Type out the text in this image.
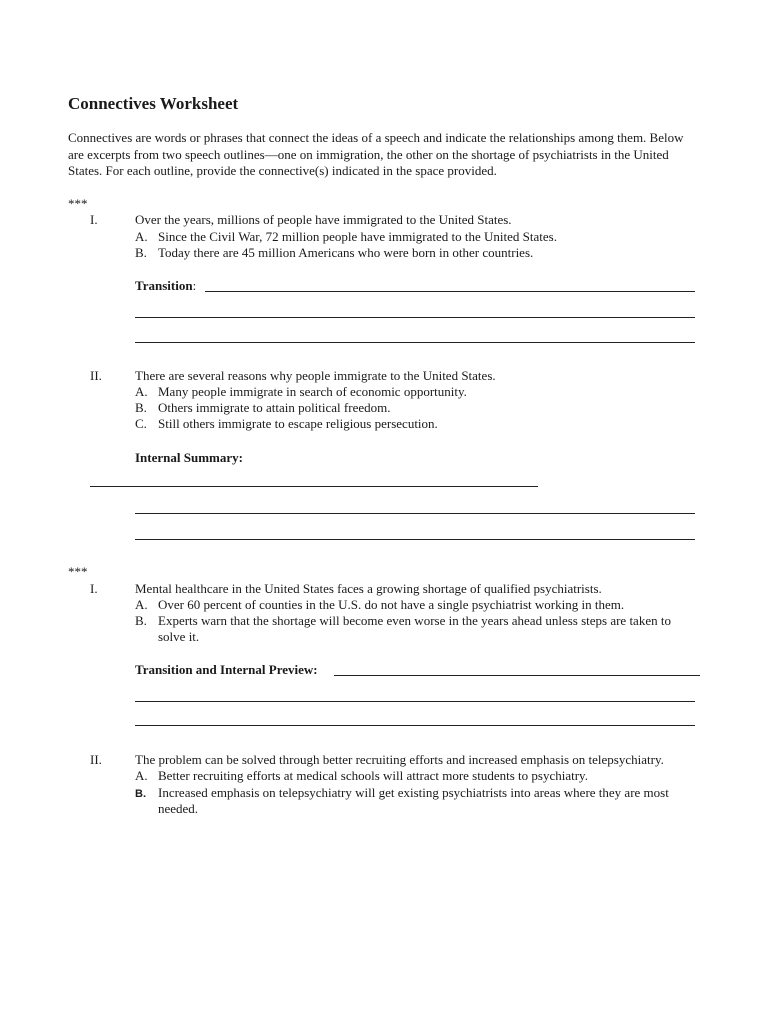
Connectives Worksheet

Connectives are words or phrases that connect the ideas of a speech and indicate the relationships among them. Below are excerpts from two speech outlines—one on immigration, the other on the shortage of psychiatrists in the United States. For each outline, provide the connective(s) indicated in the space provided.

***
I.	Over the years, millions of people have immigrated to the United States.
A. Since the Civil War, 72 million people have immigrated to the United States.
B. Today there are 45 million Americans who were born in other countries.
Transition:
II.	There are several reasons why people immigrate to the United States.
A. Many people immigrate in search of economic opportunity.
B. Others immigrate to attain political freedom.
C. Still others immigrate to escape religious persecution.
Internal Summary:
***
I.	Mental healthcare in the United States faces a growing shortage of qualified psychiatrists.
A. Over 60 percent of counties in the U.S. do not have a single psychiatrist working in them.
B. Experts warn that the shortage will become even worse in the years ahead unless steps are taken to solve it.
Transition and Internal Preview:
II.	The problem can be solved through better recruiting efforts and increased emphasis on telepsychiatry.
A. Better recruiting efforts at medical schools will attract more students to psychiatry.
B. Increased emphasis on telepsychiatry will get existing psychiatrists into areas where they are most needed.
